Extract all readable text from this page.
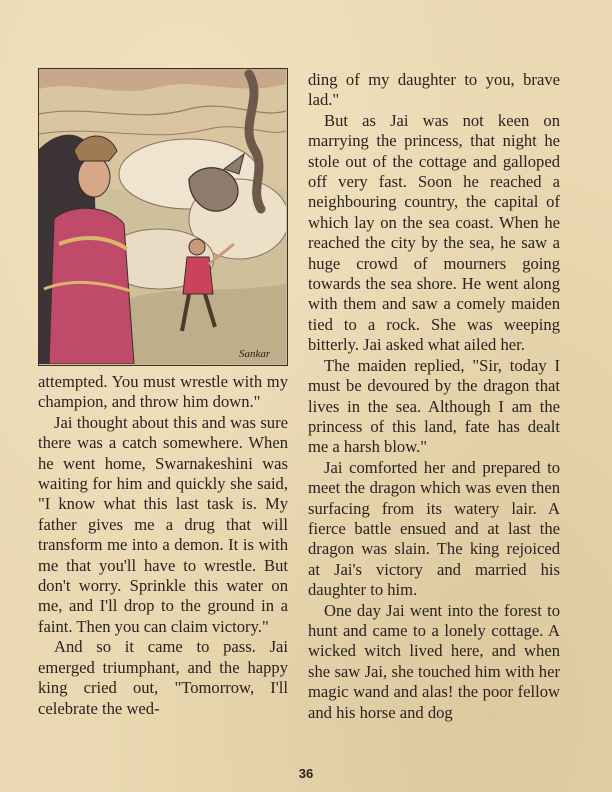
Sankar

attempted. You must wrestle with my champion, and throw him down."

Jai thought about this and was sure there was a catch somewhere. When he went home, Swarnakeshini was waiting for him and quickly she said, "I know what this last task is. My father gives me a drug that will transform me into a demon. It is with me that you'll have to wrestle. But don't worry. Sprinkle this water on me, and I'll drop to the ground in a faint. Then you can claim victory."

And so it came to pass. Jai emerged triumphant, and the happy king cried out, "Tomorrow, I'll celebrate the wed-

ding of my daughter to you, brave lad."

But as Jai was not keen on marrying the princess, that night he stole out of the cottage and galloped off very fast. Soon he reached a neighbouring country, the capital of which lay on the sea coast. When he reached the city by the sea, he saw a huge crowd of mourners going towards the sea shore. He went along with them and saw a comely maiden tied to a rock. She was weeping bitterly. Jai asked what ailed her.

The maiden replied, "Sir, today I must be devoured by the dragon that lives in the sea. Although I am the princess of this land, fate has dealt me a harsh blow."

Jai comforted her and prepared to meet the dragon which was even then surfacing from its watery lair. A fierce battle ensued and at last the dragon was slain. The king rejoiced at Jai's victory and married his daughter to him.

One day Jai went into the forest to hunt and came to a lonely cottage. A wicked witch lived here, and when she saw Jai, she touched him with her magic wand and alas! the poor fellow and his horse and dog

36
